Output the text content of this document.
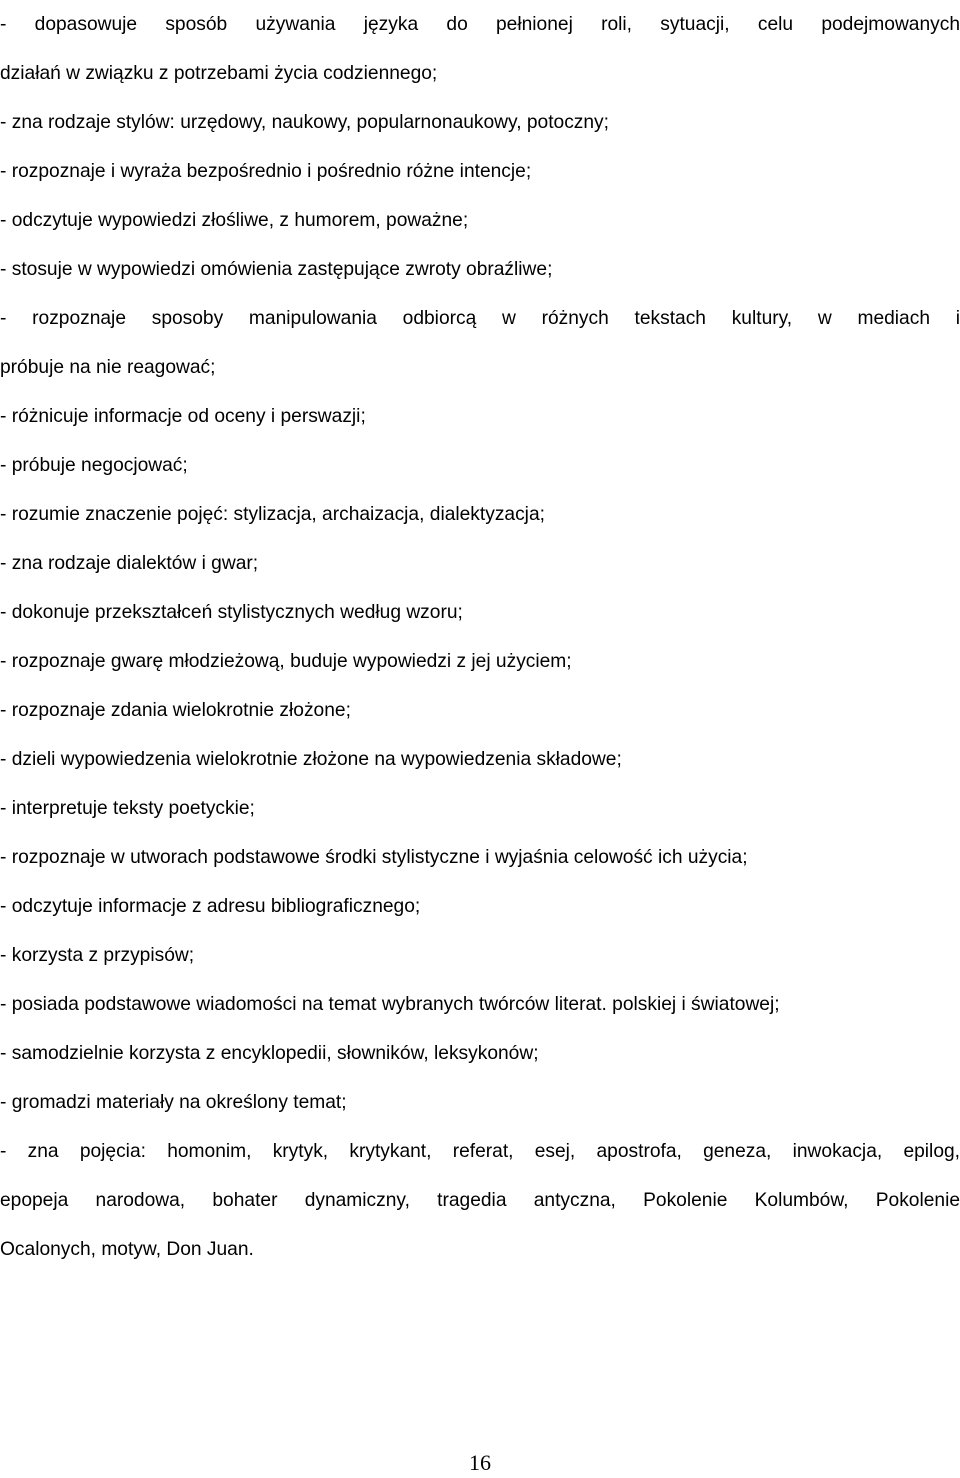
- dopasowuje sposób używania języka do pełnionej roli, sytuacji, celu podejmowanych
działań w związku z potrzebami życia codziennego;

- zna rodzaje stylów: urzędowy, naukowy, popularnonaukowy, potoczny;

- rozpoznaje i wyraża bezpośrednio i pośrednio różne intencje;

- odczytuje wypowiedzi złośliwe, z humorem, poważne;

- stosuje w wypowiedzi omówienia zastępujące zwroty obraźliwe;

- rozpoznaje sposoby manipulowania odbiorcą w różnych tekstach kultury, w mediach i
próbuje na nie reagować;

- różnicuje informacje od oceny i perswazji;

- próbuje negocjować;

- rozumie znaczenie pojęć: stylizacja, archaizacja, dialektyzacja;

- zna rodzaje dialektów i gwar;

- dokonuje przekształceń stylistycznych według wzoru;

- rozpoznaje gwarę młodzieżową, buduje wypowiedzi z jej użyciem;

- rozpoznaje zdania wielokrotnie złożone;

- dzieli wypowiedzenia wielokrotnie złożone na wypowiedzenia składowe;

- interpretuje teksty poetyckie;

- rozpoznaje w utworach podstawowe środki stylistyczne i wyjaśnia celowość ich użycia;

- odczytuje informacje z adresu bibliograficznego;

- korzysta z przypisów;

- posiada podstawowe wiadomości na temat wybranych twórców literat. polskiej i światowej;

- samodzielnie korzysta z encyklopedii, słowników, leksykonów;

- gromadzi materiały na określony temat;

- zna pojęcia: homonim, krytyk, krytykant, referat, esej, apostrofa, geneza, inwokacja, epilog,
epopeja narodowa, bohater dynamiczny, tragedia antyczna, Pokolenie Kolumbów, Pokolenie
Ocalonych, motyw, Don Juan.

16
